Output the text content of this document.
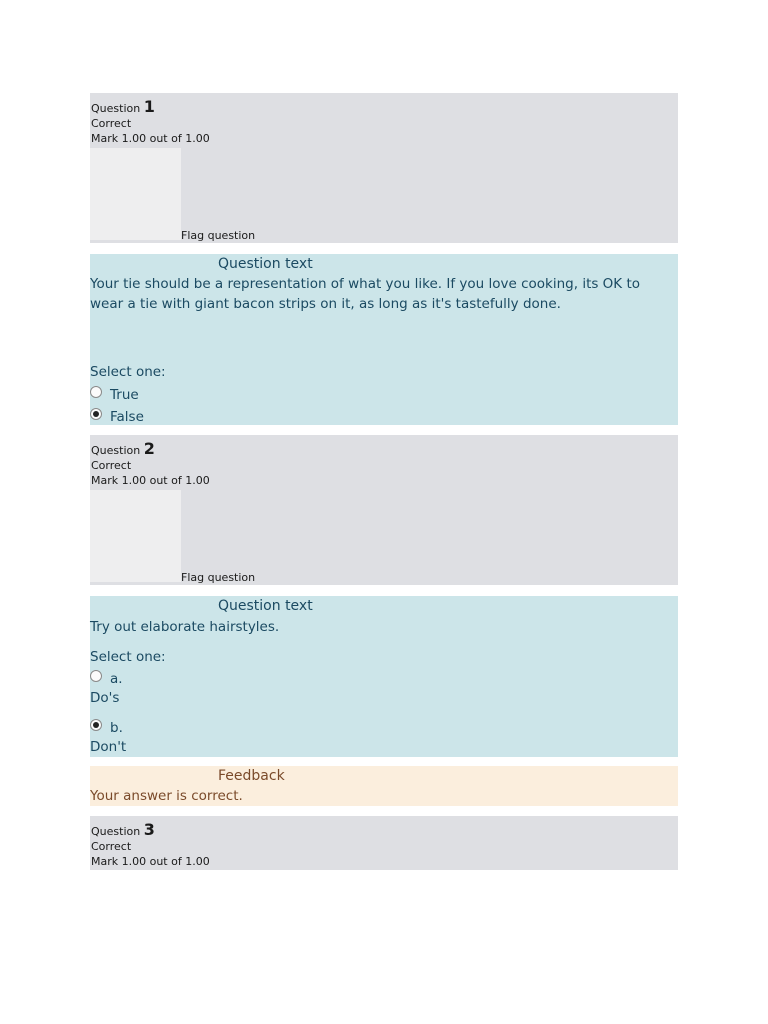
Question 1
Correct
Mark 1.00 out of 1.00
Flag question
Question text
Your tie should be a representation of what you like. If you love cooking, its OK to wear a tie with giant bacon strips on it, as long as it's tastefully done.
Select one:
True
False
Question 2
Correct
Mark 1.00 out of 1.00
Flag question
Question text
Try out elaborate hairstyles.
Select one:
a.
Do's
b.
Don't
Feedback
Your answer is correct.
Question 3
Correct
Mark 1.00 out of 1.00
